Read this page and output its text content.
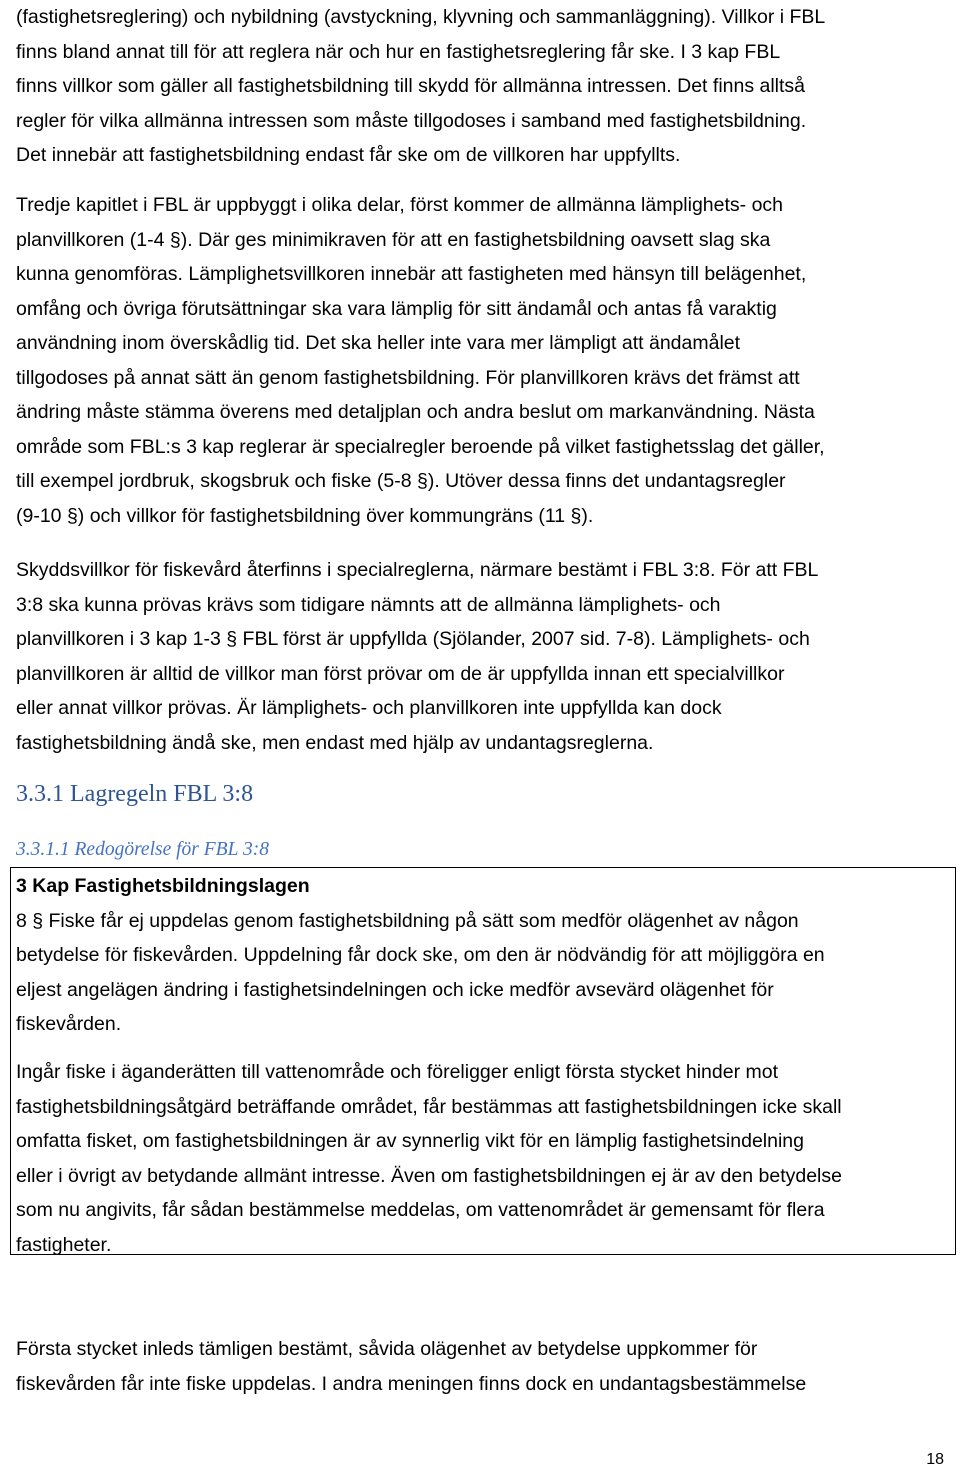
(fastighetsreglering) och nybildning (avstyckning, klyvning och sammanläggning). Villkor i FBL
finns bland annat till för att reglera när och hur en fastighetsreglering får ske. I 3 kap FBL
finns villkor som gäller all fastighetsbildning till skydd för allmänna intressen. Det finns alltså
regler för vilka allmänna intressen som måste tillgodoses i samband med fastighetsbildning.
Det innebär att fastighetsbildning endast får ske om de villkoren har uppfyllts.
Tredje kapitlet i FBL är uppbyggt i olika delar, först kommer de allmänna lämplighets- och
planvillkoren (1-4 §). Där ges minimikraven för att en fastighetsbildning oavsett slag ska
kunna genomföras. Lämplighetsvillkoren innebär att fastigheten med hänsyn till belägenhet,
omfång och övriga förutsättningar ska vara lämplig för sitt ändamål och antas få varaktig
användning inom överskådlig tid. Det ska heller inte vara mer lämpligt att ändamålet
tillgodoses på annat sätt än genom fastighetsbildning. För planvillkoren krävs det främst att
ändring måste stämma överens med detaljplan och andra beslut om markanvändning. Nästa
område som FBL:s 3 kap reglerar är specialregler beroende på vilket fastighetsslag det gäller,
till exempel jordbruk, skogsbruk och fiske (5-8 §). Utöver dessa finns det undantagsregler
(9-10 §) och villkor för fastighetsbildning över kommungräns (11 §).
Skyddsvillkor för fiskevård återfinns i specialreglerna, närmare bestämt i FBL 3:8. För att FBL
3:8 ska kunna prövas krävs som tidigare nämnts att de allmänna lämplighets- och
planvillkoren i 3 kap 1-3 § FBL först är uppfyllda (Sjölander, 2007 sid. 7-8). Lämplighets- och
planvillkoren är alltid de villkor man först prövar om de är uppfyllda innan ett specialvillkor
eller annat villkor prövas. Är lämplighets- och planvillkoren inte uppfyllda kan dock
fastighetsbildning ändå ske, men endast med hjälp av undantagsreglerna.
3.3.1 Lagregeln FBL 3:8
3.3.1.1 Redogörelse för FBL 3:8
3 Kap Fastighetsbildningslagen
8 § Fiske får ej uppdelas genom fastighetsbildning på sätt som medför olägenhet av någon
betydelse för fiskevården. Uppdelning får dock ske, om den är nödvändig för att möjliggöra en
eljest angelägen ändring i fastighetsindelningen och icke medför avsevärd olägenhet för
fiskevården.
Ingår fiske i äganderätten till vattenområde och föreligger enligt första stycket hinder mot
fastighetsbildningsåtgärd beträffande området, får bestämmas att fastighetsbildningen icke skall
omfatta fisket, om fastighetsbildningen är av synnerlig vikt för en lämplig fastighetsindelning
eller i övrigt av betydande allmänt intresse. Även om fastighetsbildningen ej är av den betydelse
som nu angivits, får sådan bestämmelse meddelas, om vattenområdet är gemensamt för flera
fastigheter.
Första stycket inleds tämligen bestämt, såvida olägenhet av betydelse uppkommer för
fiskevården får inte fiske uppdelas. I andra meningen finns dock en undantagsbestämmelse

18
